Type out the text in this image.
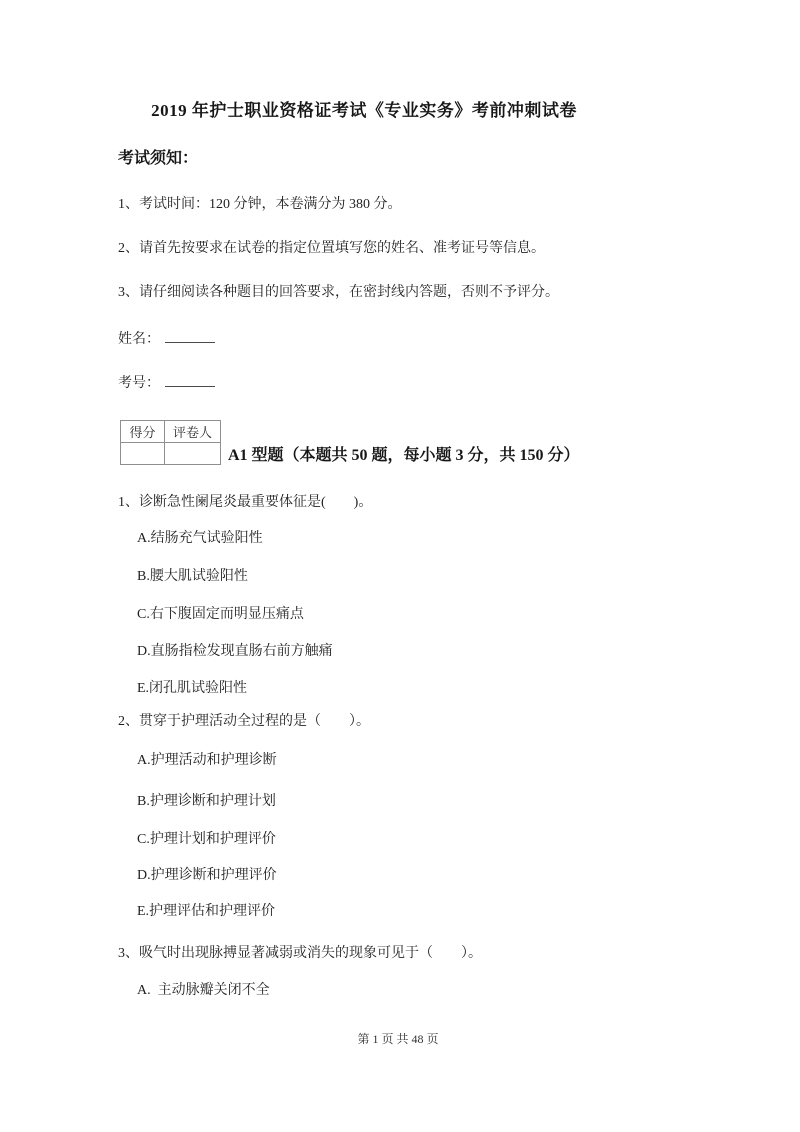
2019 年护士职业资格证考试《专业实务》考前冲刺试卷
考试须知：
1、考试时间：120 分钟，本卷满分为 380 分。
2、请首先按要求在试卷的指定位置填写您的姓名、准考证号等信息。
3、请仔细阅读各种题目的回答要求，在密封线内答题，否则不予评分。
姓名：
考号：
得分	评卷人

A1 型题（本题共 50 题，每小题 3 分，共 150 分）
1、诊断急性阑尾炎最重要体征是(        )。
A.结肠充气试验阳性
B.腰大肌试验阳性
C.右下腹固定而明显压痛点
D.直肠指检发现直肠右前方触痛
E.闭孔肌试验阳性
2、贯穿于护理活动全过程的是（        ）。
A.护理活动和护理诊断
B.护理诊断和护理计划
C.护理计划和护理评价
D.护理诊断和护理评价
E.护理评估和护理评价
3、吸气时出现脉搏显著减弱或消失的现象可见于（        ）。
A.  主动脉瓣关闭不全
第 1 页 共 48 页
